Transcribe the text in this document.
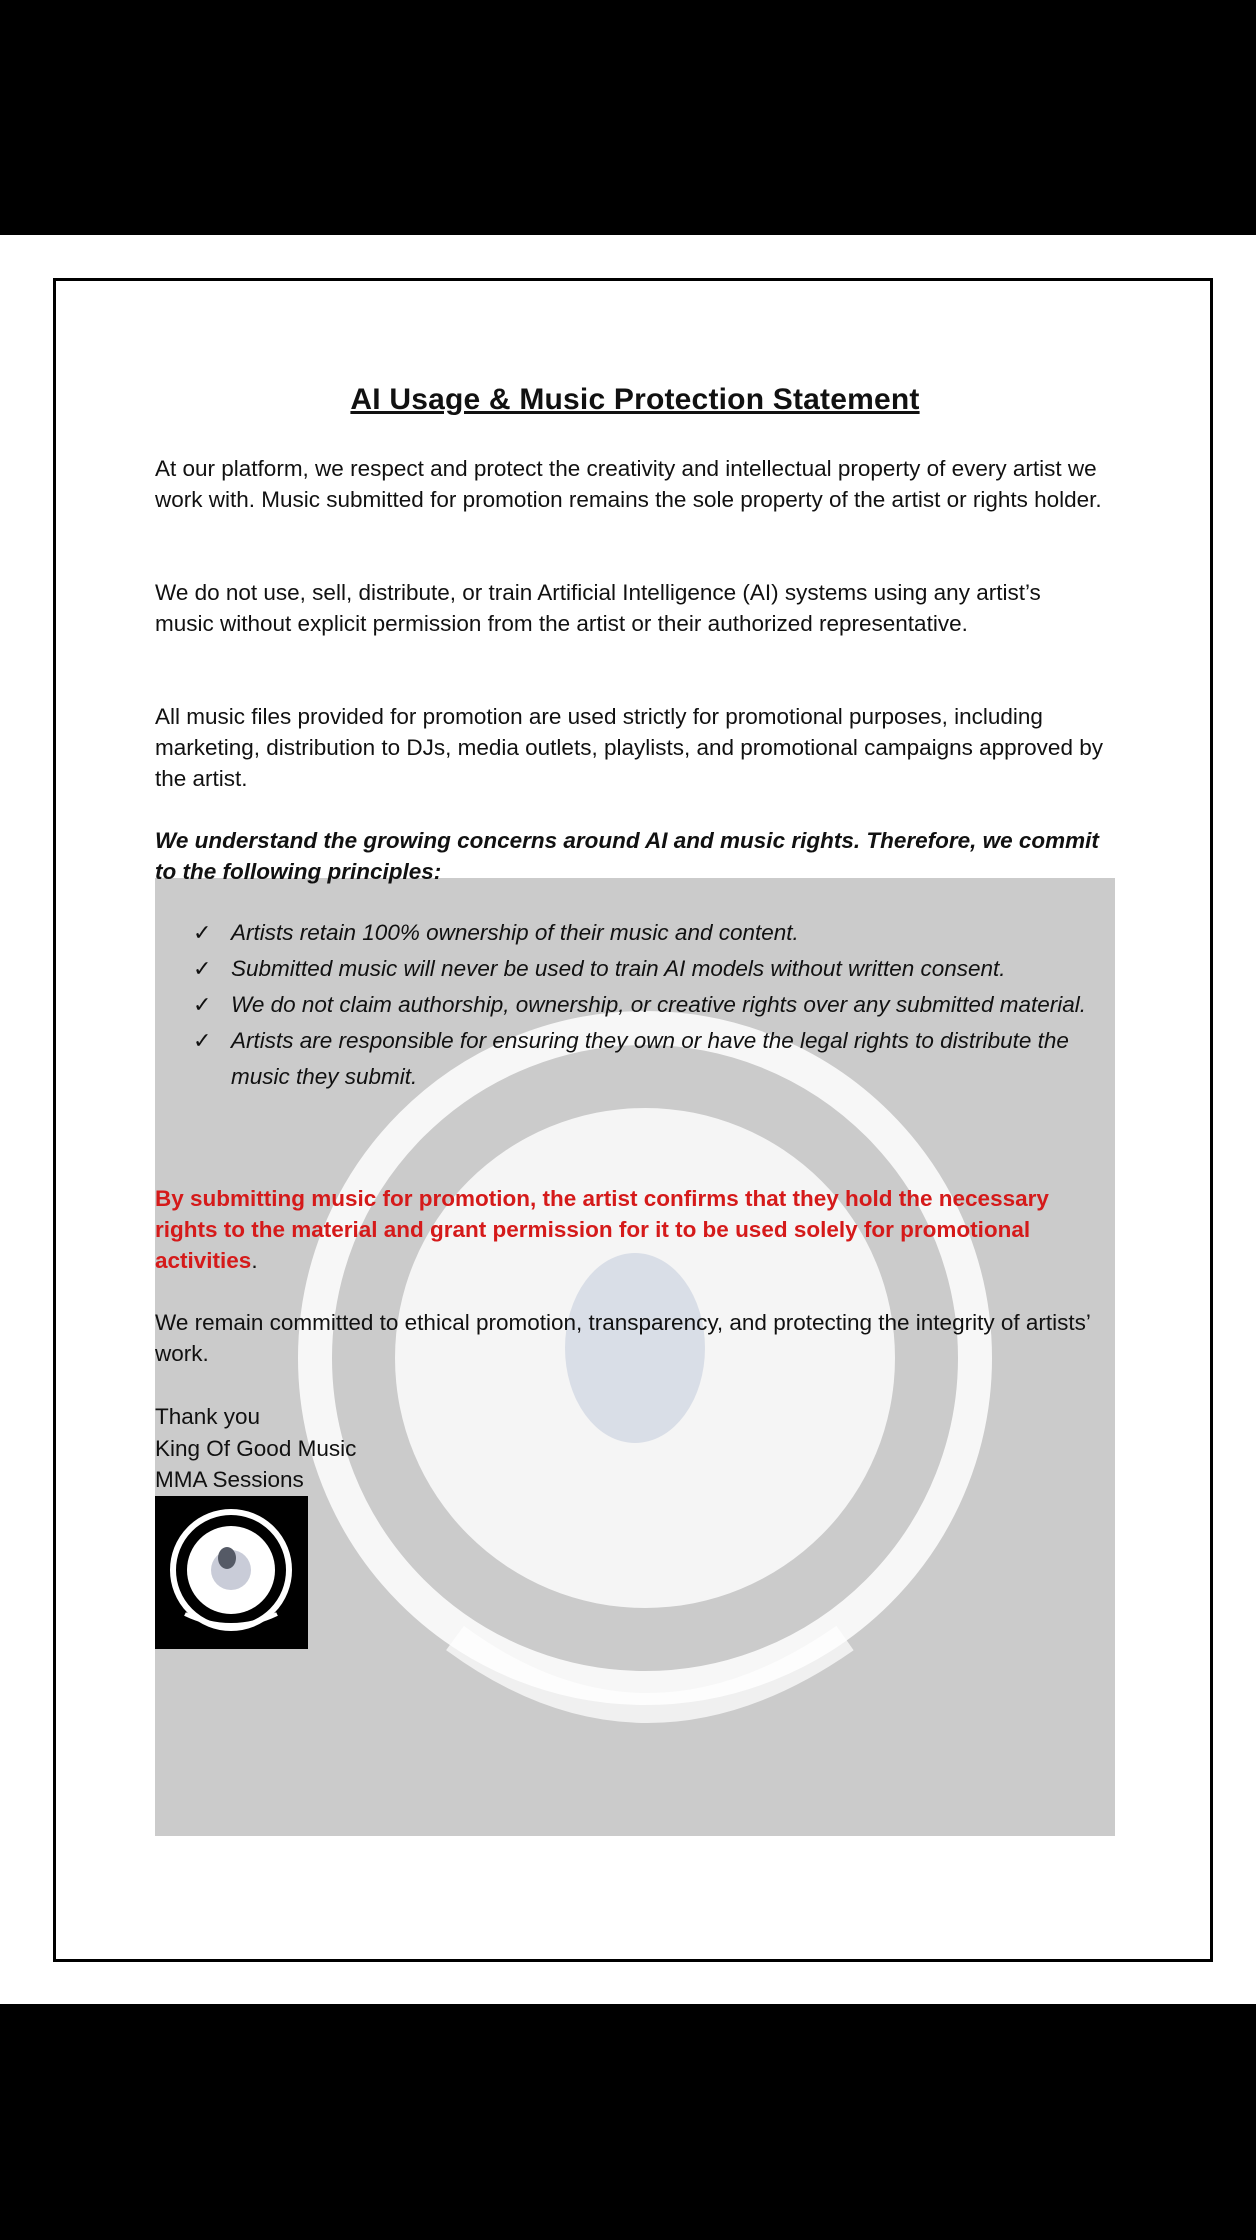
AI Usage & Music Protection Statement

At our platform, we respect and protect the creativity and intellectual property of every artist we work with. Music submitted for promotion remains the sole property of the artist or rights holder.

We do not use, sell, distribute, or train Artificial Intelligence (AI) systems using any artist’s music without explicit permission from the artist or their authorized representative.

All music files provided for promotion are used strictly for promotional purposes, including marketing, distribution to DJs, media outlets, playlists, and promotional campaigns approved by the artist.

We understand the growing concerns around AI and music rights. Therefore, we commit to the following principles:

✓ Artists retain 100% ownership of their music and content.
✓ Submitted music will never be used to train AI models without written consent.
✓ We do not claim authorship, ownership, or creative rights over any submitted material.
✓ Artists are responsible for ensuring they own or have the legal rights to distribute the music they submit.

By submitting music for promotion, the artist confirms that they hold the necessary rights to the material and grant permission for it to be used solely for promotional activities.

We remain committed to ethical promotion, transparency, and protecting the integrity of artists’ work.

Thank you
King Of Good Music
MMA Sessions
